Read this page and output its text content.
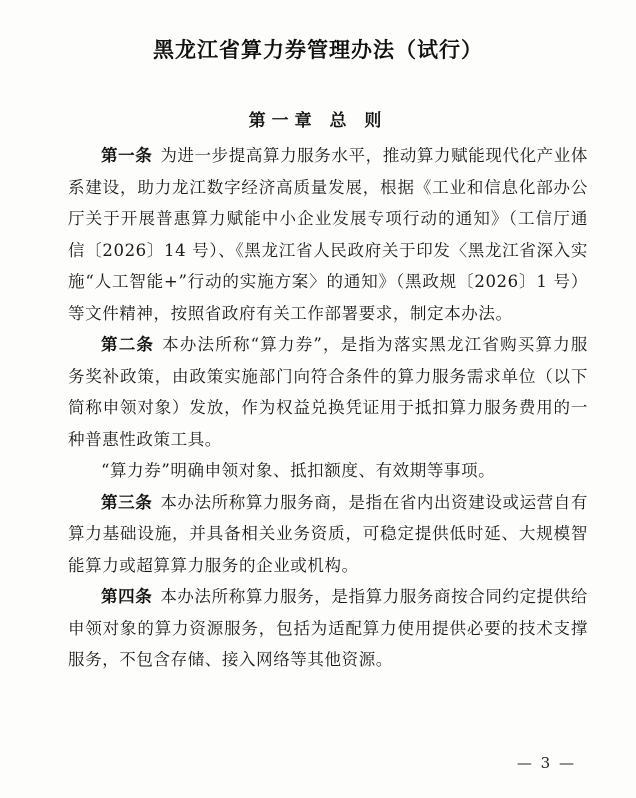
黑龙江省算力券管理办法（试行）
第一章 总 则

第一条 为进一步提高算力服务水平，推动算力赋能现代化产业体系建设，助力龙江数字经济高质量发展，根据《工业和信息化部办公厅关于开展普惠算力赋能中小企业发展专项行动的通知》（工信厅通信〔2026〕14 号）、《黑龙江省人民政府关于印发〈黑龙江省深入实施“人工智能+”行动的实施方案〉的通知》（黑政规〔2026〕1 号）等文件精神，按照省政府有关工作部署要求，制定本办法。

第二条 本办法所称“算力券”，是指为落实黑龙江省购买算力服务奖补政策，由政策实施部门向符合条件的算力服务需求单位（以下简称申领对象）发放，作为权益兑换凭证用于抵扣算力服务费用的一种普惠性政策工具。

“算力券”明确申领对象、抵扣额度、有效期等事项。

第三条 本办法所称算力服务商，是指在省内出资建设或运营自有算力基础设施，并具备相关业务资质，可稳定提供低时延、大规模智能算力或超算算力服务的企业或机构。

第四条 本办法所称算力服务，是指算力服务商按合同约定提供给申领对象的算力资源服务，包括为适配算力使用提供必要的技术支撑服务，不包含存储、接入网络等其他资源。

— 3 —
